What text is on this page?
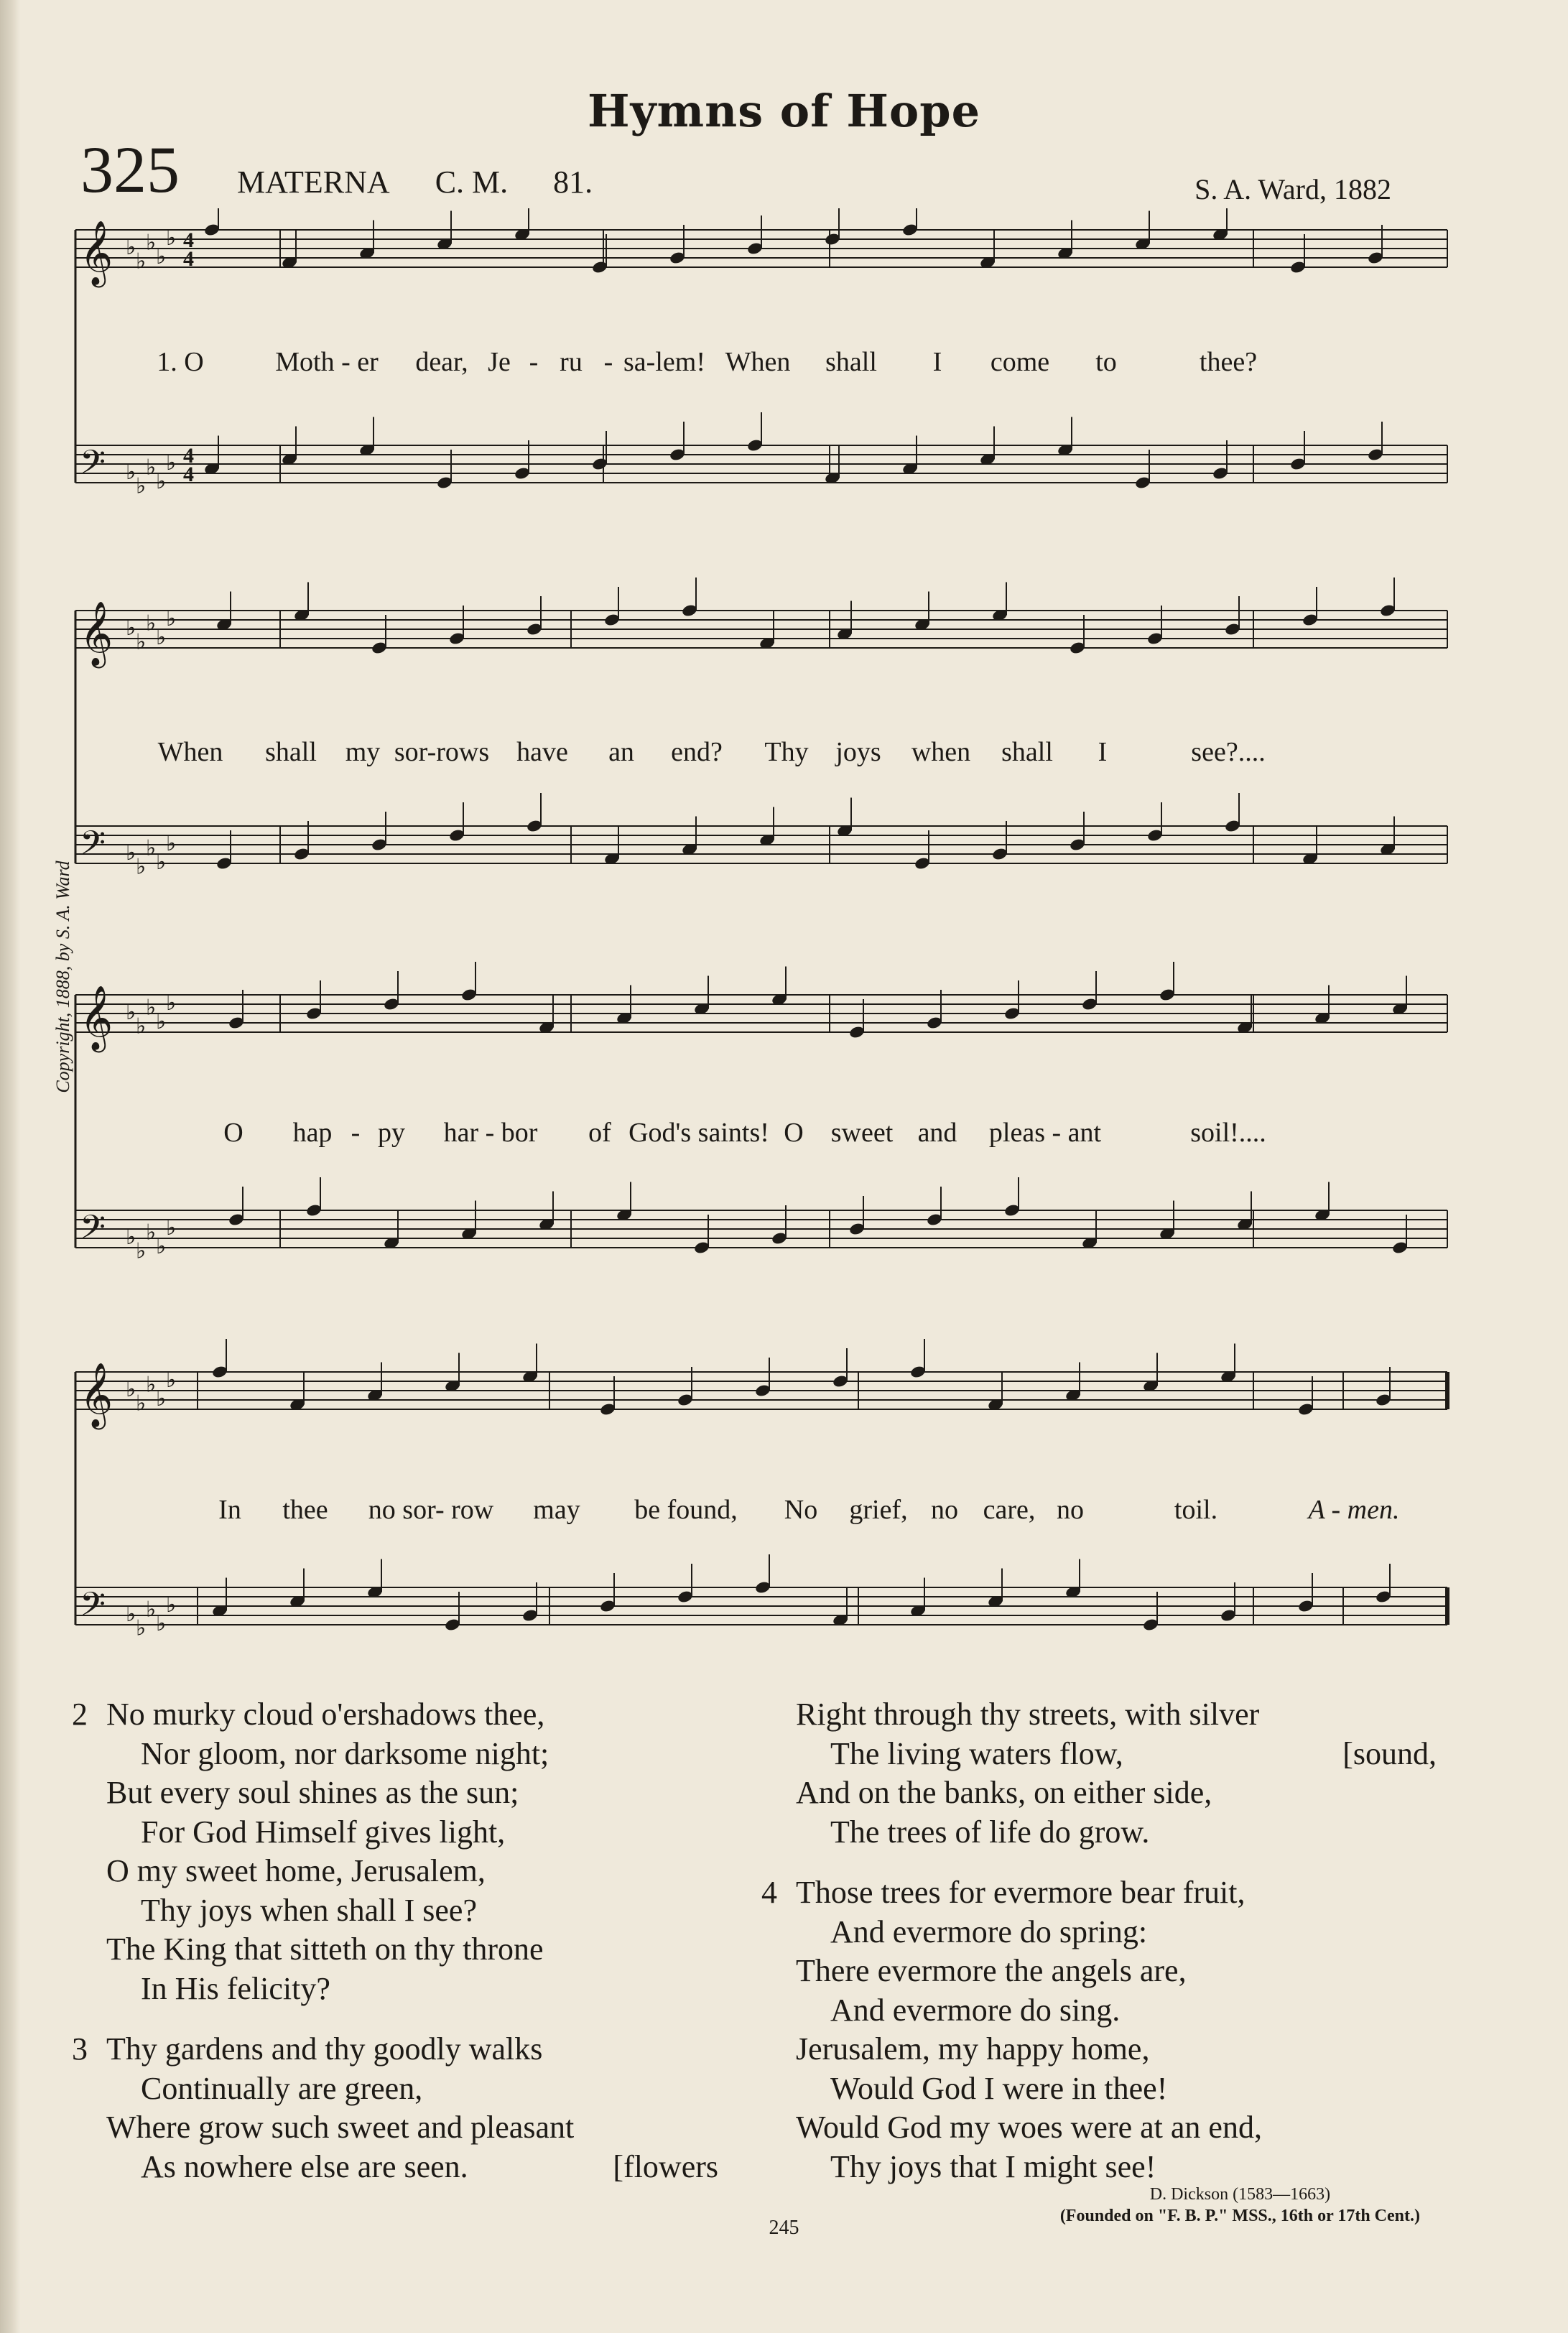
Hymns of Hope
325 MATERNA C. M. 81.	S. A. Ward, 1882
Copyright, 1888, by S. A. Ward
𝄞 ♭
♭
♭
♭
♭ 4
4
𝄢 ♭
♭
♭
♭
♭ 4
4
𝄞 ♭
♭
♭
♭
♭
𝄢 ♭
♭
♭
♭
♭
𝄞 ♭
♭
♭
♭
♭
𝄢 ♭
♭
♭
♭
♭
𝄞 ♭
♭
♭
♭
♭
𝄢 ♭
♭
♭
♭
♭
1. O	Moth - er dear, Je - ru - sa-lem! When shall I come to	thee?
When shall my sor-rows have an end? Thy joys when shall I	see?....
O hap - py har - bor of God's saints! O sweet and pleas - ant	soil!....
In thee no sor- row may be found, No grief, no care, no	toil.	A - men.
2 No murky cloud o'ershadows thee,
Nor gloom, nor darksome night;
But every soul shines as the sun;
For God Himself gives light,
O my sweet home, Jerusalem,
Thy joys when shall I see?
The King that sitteth on thy throne
In His felicity?
3 Thy gardens and thy goodly walks
Continually are green,
Where grow such sweet and pleasant
As nowhere else are seen.	[flowers
Right through thy streets, with silver
The living waters flow,	[sound,
And on the banks, on either side,
The trees of life do grow.
4 Those trees for evermore bear fruit,
And evermore do spring:
There evermore the angels are,
And evermore do sing.
Jerusalem, my happy home,
Would God I were in thee!
Would God my woes were at an end,
Thy joys that I might see!
D. Dickson (1583—1663)
(Founded on "F. B. P." MSS., 16th or 17th Cent.)
245
